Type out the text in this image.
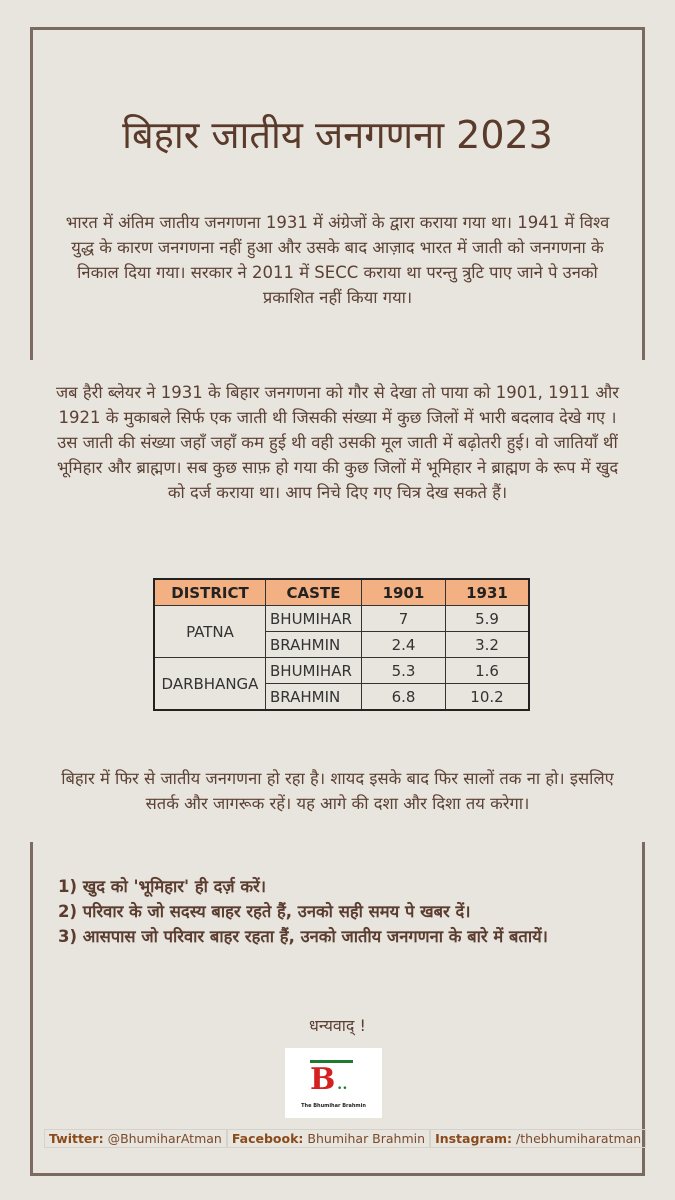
बिहार जातीय जनगणना 2023
भारत में अंतिम जातीय जनगणना 1931 में अंग्रेजों के द्वारा कराया गया था। 1941 में विश्व युद्ध के कारण जनगणना नहीं हुआ और उसके बाद आज़ाद भारत में जाती को जनगणना के निकाल दिया गया। सरकार ने 2011 में SECC कराया था परन्तु त्रुटि पाए जाने पे उनको प्रकाशित नहीं किया गया।
जब हैरी ब्लेयर ने 1931 के बिहार जनगणना को गौर से देखा तो पाया को 1901, 1911 और 1921 के मुकाबले सिर्फ एक जाती थी जिसकी संख्या में कुछ जिलों में भारी बदलाव देखे गए । उस जाती की संख्या जहाँ जहाँ कम हुई थी वही उसकी मूल जाती में बढ़ोतरी हुई। वो जातियाँ थीं भूमिहार और ब्राह्मण। सब कुछ साफ़ हो गया की कुछ जिलों में भूमिहार ने ब्राह्मण के रूप में खुद को दर्ज कराया था। आप निचे दिए गए चित्र देख सकते हैं।
DISTRICT	CASTE	1901	1931
PATNA	BHUMIHAR	7	5.9
	BRAHMIN	2.4	3.2
DARBHANGA	BHUMIHAR	5.3	1.6
	BRAHMIN	6.8	10.2
बिहार में फिर से जातीय जनगणना हो रहा है। शायद इसके बाद फिर सालों तक ना हो। इसलिए सतर्क और जागरूक रहें। यह आगे की दशा और दिशा तय करेगा।
1) खुद को 'भूमिहार' ही दर्ज़ करें।
2) परिवार के जो सदस्य बाहर रहते हैं, उनको सही समय पे खबर दें।
3) आसपास जो परिवार बाहर रहता हैं, उनको जातीय जनगणना के बारे में बतायें।
धन्यवाद् !
B ••
The Bhumihar Brahmin
Twitter: @BhumiharAtman Facebook: Bhumihar Brahmin Instagram: /thebhumiharatman
